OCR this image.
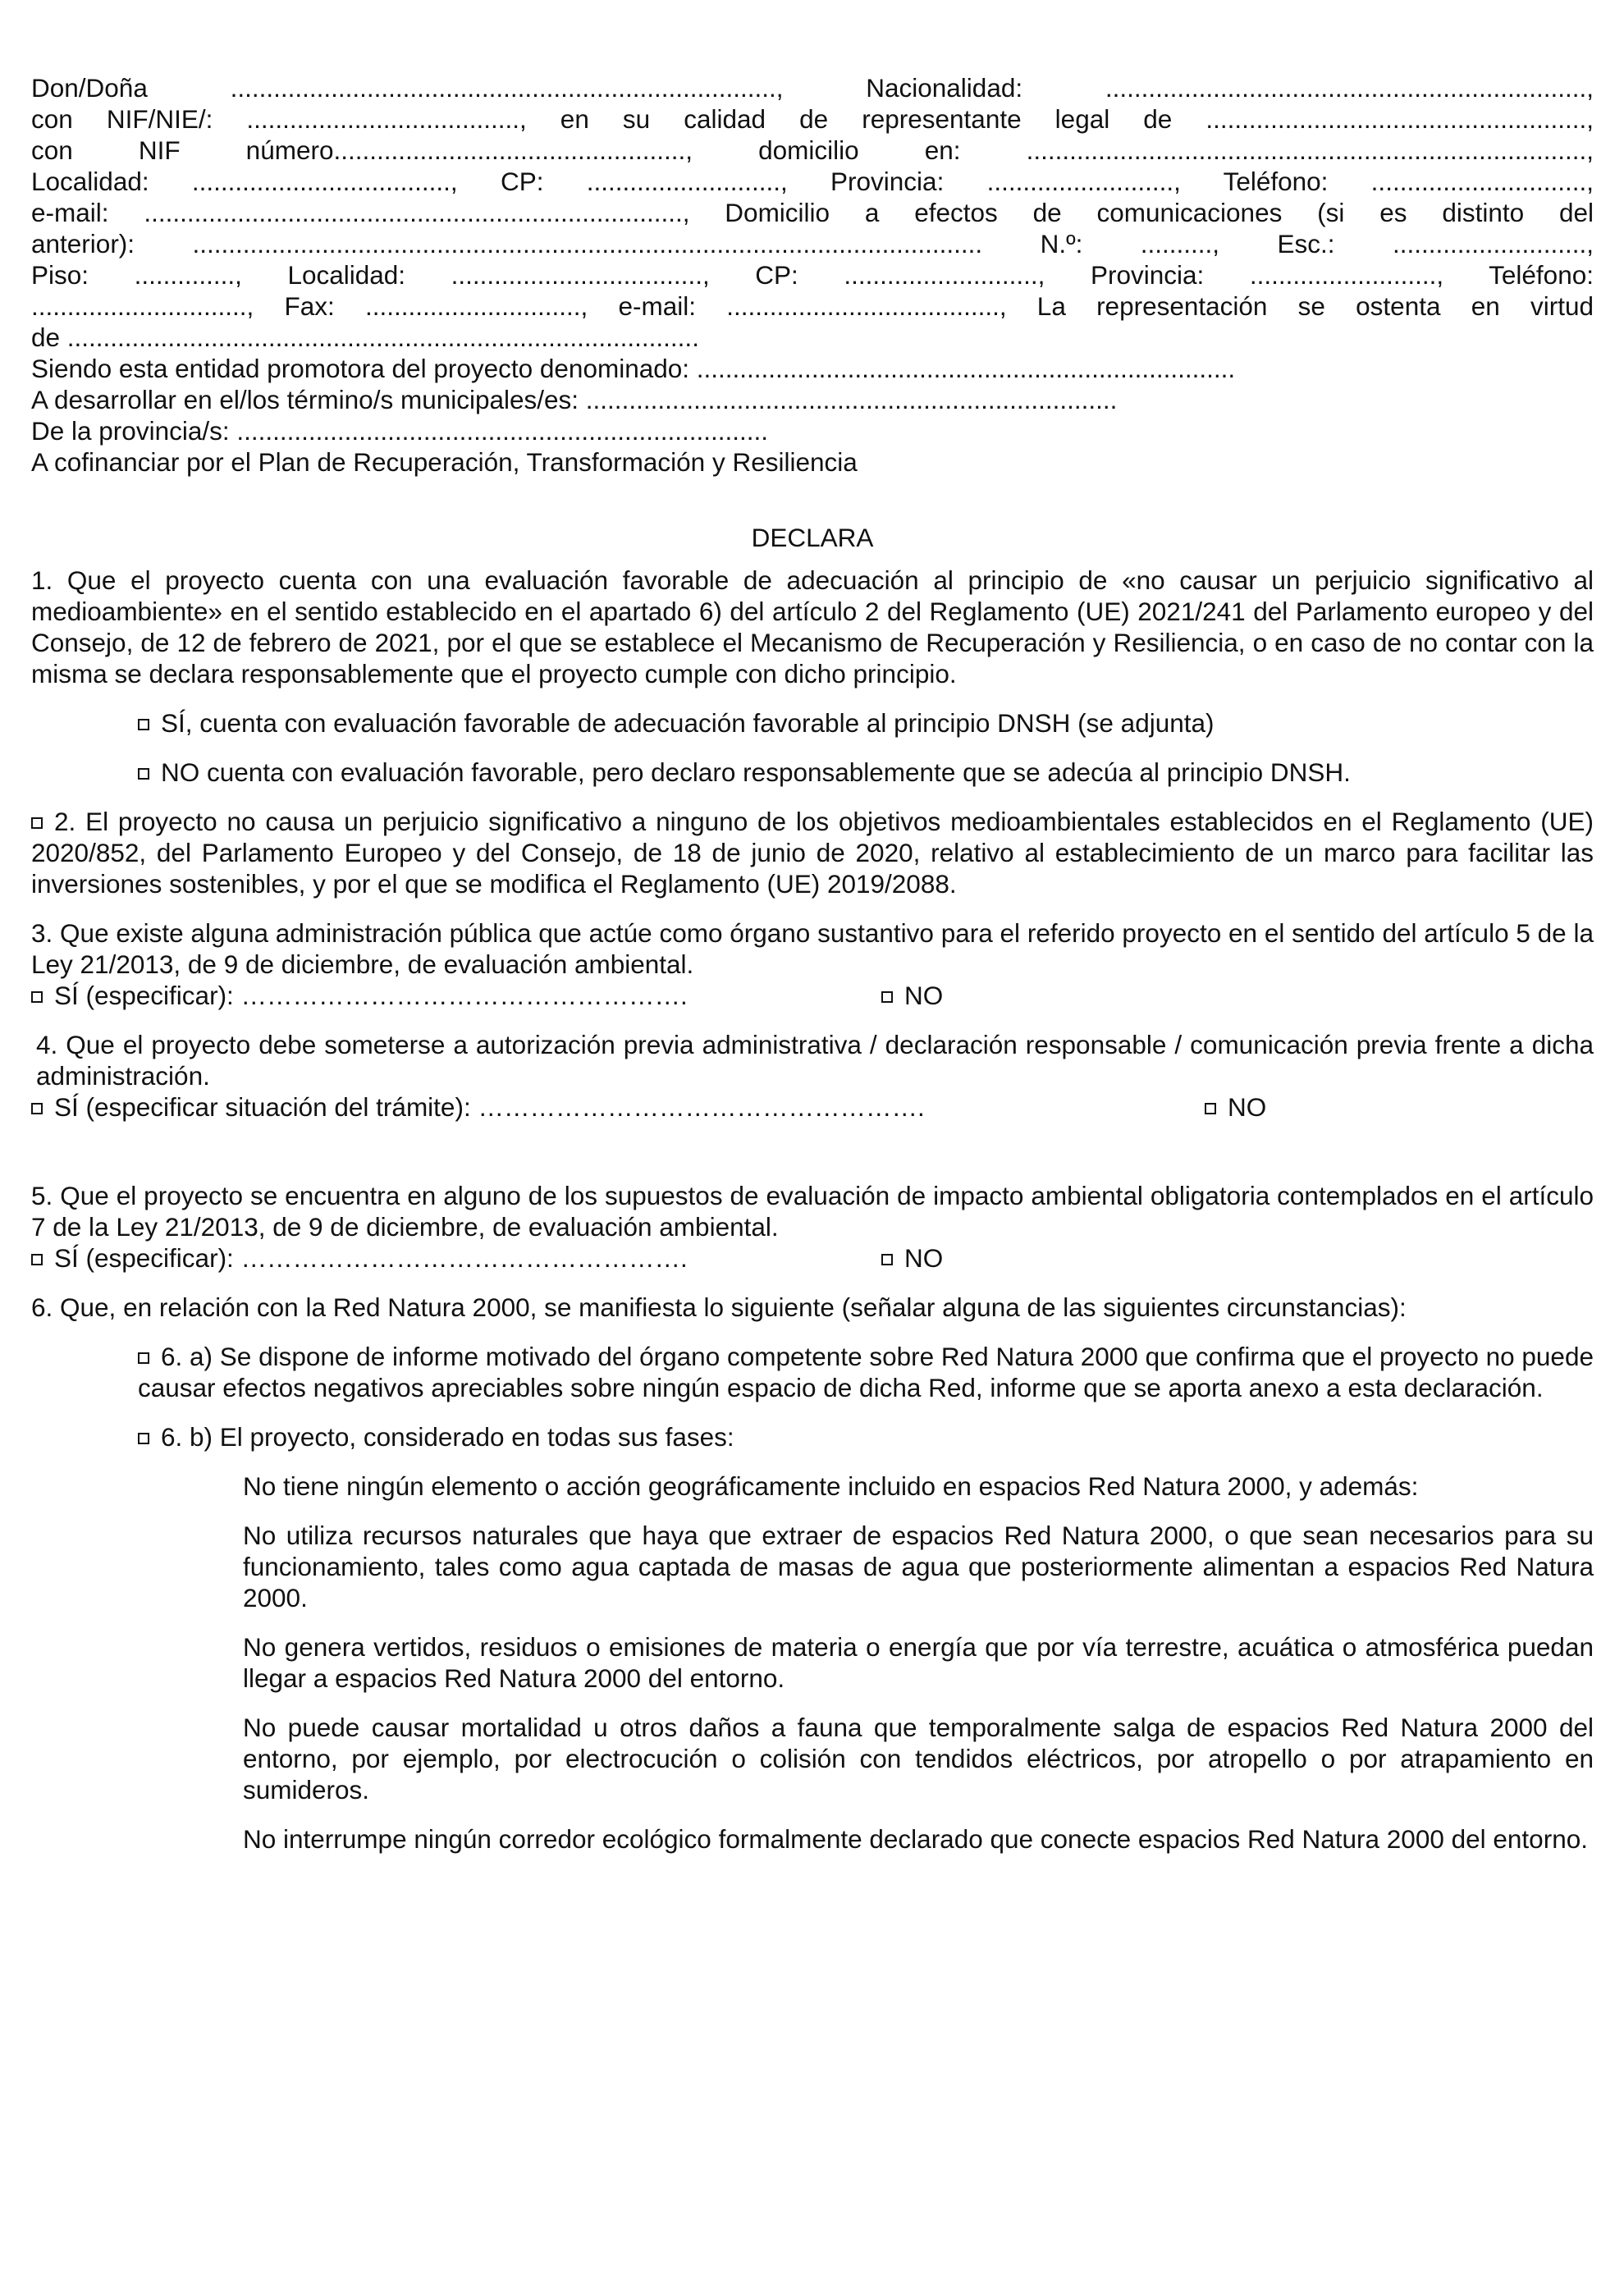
Don/Doña ............................................................................, Nacionalidad: ...................................................................,

con NIF/NIE/: ......................................, en su calidad de representante legal de .....................................................,

con NIF número................................................., domicilio en: ..............................................................................,

Localidad: ...................................., CP: ..........................., Provincia: .........................., Teléfono: ..............................,

e-mail: ..........................................................................., Domicilio a efectos de comunicaciones (si es distinto del

anterior): .............................................................................................................. N.º: .........., Esc.: ...........................,

Piso: .............., Localidad: ..................................., CP: ..........................., Provincia: .........................., Teléfono:

.............................., Fax: .............................., e-mail: ......................................, La representación se ostenta en virtud

de ........................................................................................

Siendo esta entidad promotora del proyecto denominado: ...........................................................................

A desarrollar en el/los término/s municipales/es: ..........................................................................

De la provincia/s: ..........................................................................

A cofinanciar por el Plan de Recuperación, Transformación y Resiliencia

DECLARA

1. Que el proyecto cuenta con una evaluación favorable de adecuación al principio de «no causar un perjuicio significativo al medioambiente» en el sentido establecido en el apartado 6) del artículo 2 del Reglamento (UE) 2021/241 del Parlamento europeo y del Consejo, de 12 de febrero de 2021, por el que se establece el Mecanismo de Recuperación y Resiliencia, o en caso de no contar con la misma se declara responsablemente que el proyecto cumple con dicho principio.

SÍ, cuenta con evaluación favorable de adecuación favorable al principio DNSH (se adjunta)

NO cuenta con evaluación favorable, pero declaro responsablemente que se adecúa al principio DNSH.

2. El proyecto no causa un perjuicio significativo a ninguno de los objetivos medioambientales establecidos en el Reglamento (UE) 2020/852, del Parlamento Europeo y del Consejo, de 18 de junio de 2020, relativo al establecimiento de un marco para facilitar las inversiones sostenibles, y por el que se modifica el Reglamento (UE) 2019/2088.

3. Que existe alguna administración pública que actúe como órgano sustantivo para el referido proyecto en el sentido del artículo 5 de la Ley 21/2013, de 9 de diciembre, de evaluación ambiental.

SÍ (especificar): …………………………………………….	NO

4. Que el proyecto debe someterse a autorización previa administrativa / declaración responsable / comunicación previa frente a dicha administración.

SÍ (especificar situación del trámite): …………………………………………….	NO

5. Que el proyecto se encuentra en alguno de los supuestos de evaluación de impacto ambiental obligatoria contemplados en el artículo 7 de la Ley 21/2013, de 9 de diciembre, de evaluación ambiental.

SÍ (especificar): …………………………………………….	NO

6. Que, en relación con la Red Natura 2000, se manifiesta lo siguiente (señalar alguna de las siguientes circunstancias):

6. a) Se dispone de informe motivado del órgano competente sobre Red Natura 2000 que confirma que el proyecto no puede causar efectos negativos apreciables sobre ningún espacio de dicha Red, informe que se aporta anexo a esta declaración.

6. b) El proyecto, considerado en todas sus fases:

No tiene ningún elemento o acción geográficamente incluido en espacios Red Natura 2000, y además:

No utiliza recursos naturales que haya que extraer de espacios Red Natura 2000, o que sean necesarios para su funcionamiento, tales como agua captada de masas de agua que posteriormente alimentan a espacios Red Natura 2000.

No genera vertidos, residuos o emisiones de materia o energía que por vía terrestre, acuática o atmosférica puedan llegar a espacios Red Natura 2000 del entorno.

No puede causar mortalidad u otros daños a fauna que temporalmente salga de espacios Red Natura 2000 del entorno, por ejemplo, por electrocución o colisión con tendidos eléctricos, por atropello o por atrapamiento en sumideros.

No interrumpe ningún corredor ecológico formalmente declarado que conecte espacios Red Natura 2000 del entorno.
